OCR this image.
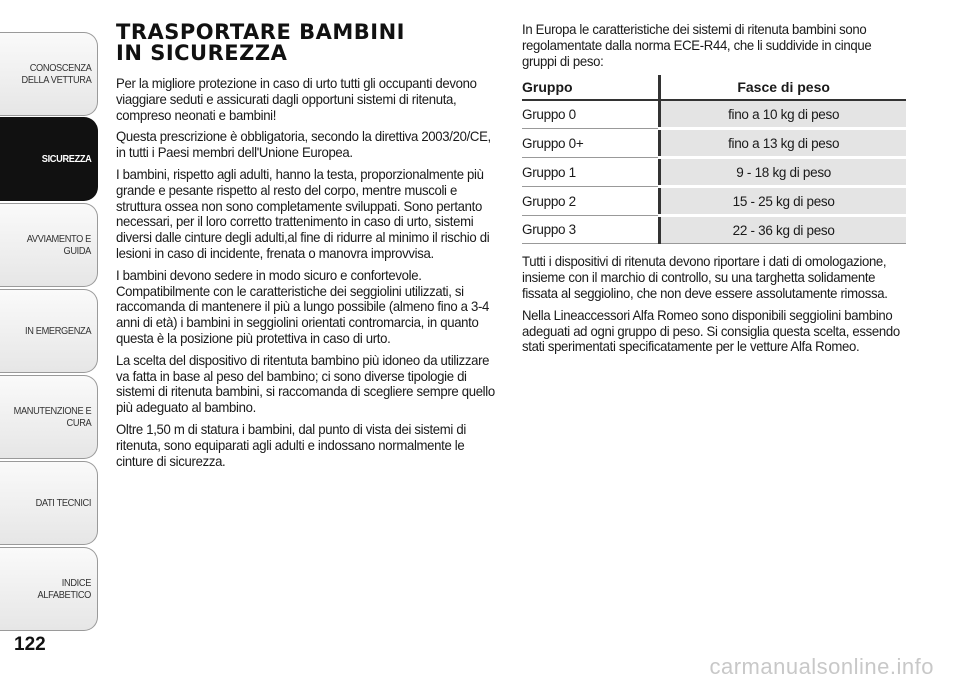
CONOSCENZA
DELLA VETTURA
SICUREZZA
AVVIAMENTO E
GUIDA
IN EMERGENZA
MANUTENZIONE E
CURA
DATI TECNICI
INDICE ALFABETICO
122
TRASPORTARE BAMBINI
IN SICUREZZA

Per la migliore protezione in caso di urto tutti gli occupanti devono viaggiare seduti e assicurati dagli opportuni sistemi di ritenuta, compreso neonati e bambini!

Questa prescrizione è obbligatoria, secondo la direttiva 2003/20/CE, in tutti i Paesi membri dell'Unione Europea.

I bambini, rispetto agli adulti, hanno la testa, proporzionalmente più grande e pesante rispetto al resto del corpo, mentre muscoli e struttura ossea non sono completamente sviluppati. Sono pertanto necessari, per il loro corretto trattenimento in caso di urto, sistemi diversi dalle cinture degli adulti,al fine di ridurre al minimo il rischio di lesioni in caso di incidente, frenata o manovra improvvisa.

I bambini devono sedere in modo sicuro e confortevole. Compatibilmente con le caratteristiche dei seggiolini utilizzati, si raccomanda di mantenere il più a lungo possibile (almeno fino a 3-4 anni di età) i bambini in seggiolini orientati contromarcia, in quanto questa è la posizione più protettiva in caso di urto.

La scelta del dispositivo di ritentuta bambino più idoneo da utilizzare va fatta in base al peso del bambino; ci sono diverse tipologie di sistemi di ritenuta bambini, si raccomanda di scegliere sempre quello più adeguato al bambino.

Oltre 1,50 m di statura i bambini, dal punto di vista dei sistemi di ritenuta, sono equiparati agli adulti e indossano normalmente le cinture di sicurezza.

In Europa le caratteristiche dei sistemi di ritenuta bambini sono regolamentate dalla norma ECE-R44, che li suddivide in cinque gruppi di peso:

Gruppo	Fasce di peso
Gruppo 0	fino a 10 kg di peso
Gruppo 0+	fino a 13 kg di peso
Gruppo 1	9 - 18 kg di peso
Gruppo 2	15 - 25 kg di peso
Gruppo 3	22 - 36 kg di peso

Tutti i dispositivi di ritenuta devono riportare i dati di omologazione, insieme con il marchio di controllo, su una targhetta solidamente fissata al seggiolino, che non deve essere assolutamente rimossa.

Nella Lineaccessori Alfa Romeo sono disponibili seggiolini bambino adeguati ad ogni gruppo di peso. Si consiglia questa scelta, essendo stati sperimentati specificatamente per le vetture Alfa Romeo.

carmanualsonline.info
